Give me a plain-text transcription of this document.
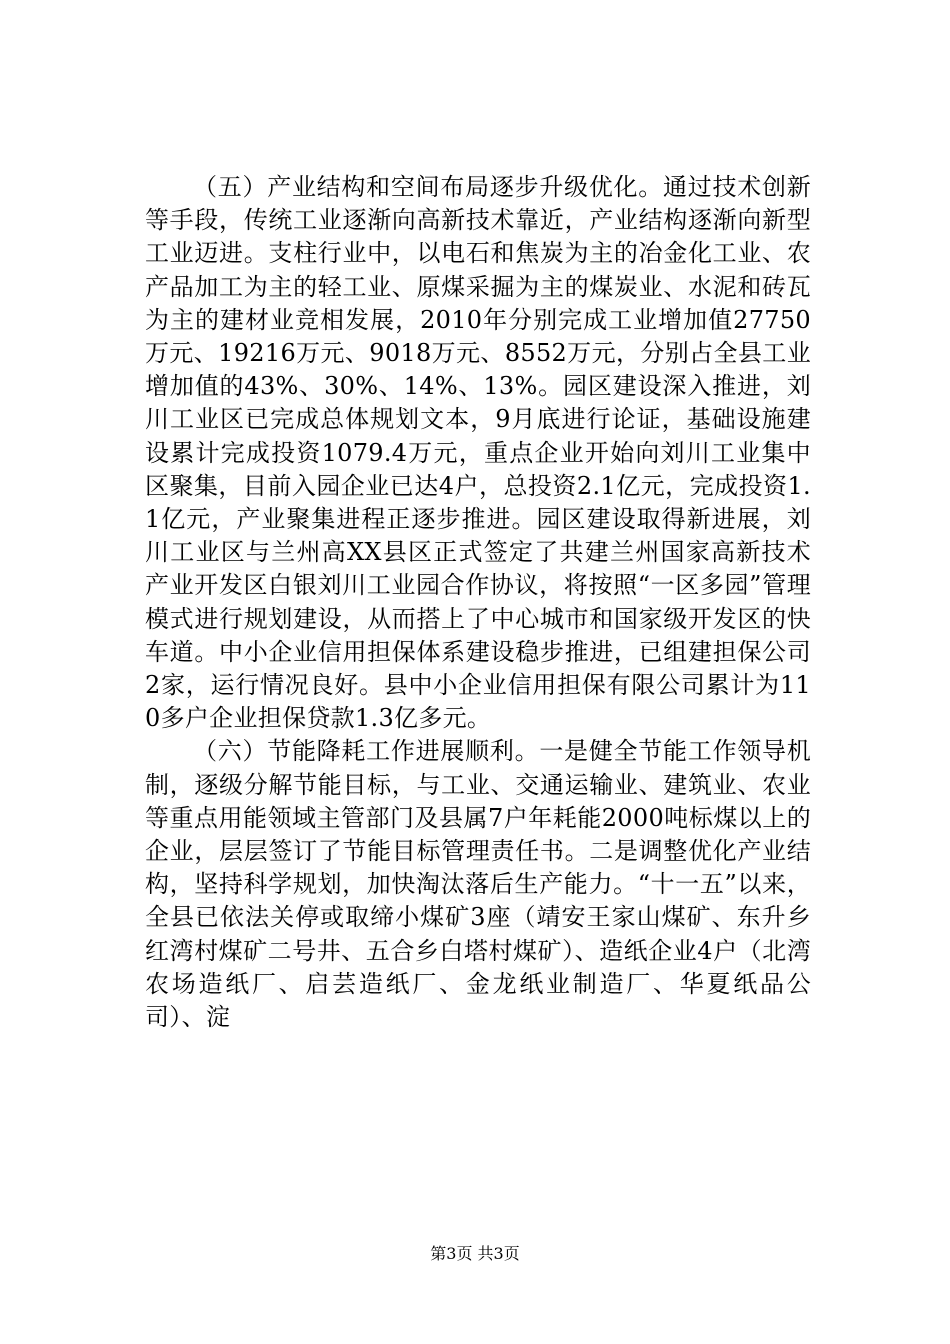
（五）产业结构和空间布局逐步升级优化。通过技术创新等手段，传统工业逐渐向高新技术靠近，产业结构逐渐向新型工业迈进。支柱行业中，以电石和焦炭为主的冶金化工业、农产品加工为主的轻工业、原煤采掘为主的煤炭业、水泥和砖瓦为主的建材业竞相发展，2010年分别完成工业增加值27750万元、19216万元、9018万元、8552万元，分别占全县工业增加值的43%、30%、14%、13%。园区建设深入推进，刘川工业区已完成总体规划文本，9月底进行论证，基础设施建设累计完成投资1079.4万元，重点企业开始向刘川工业集中区聚集，目前入园企业已达4户，总投资2.1亿元，完成投资1.1亿元，产业聚集进程正逐步推进。园区建设取得新进展，刘川工业区与兰州高XX县区正式签定了共建兰州国家高新技术产业开发区白银刘川工业园合作协议，将按照“一区多园”管理模式进行规划建设，从而搭上了中心城市和国家级开发区的快车道。中小企业信用担保体系建设稳步推进，已组建担保公司2家，运行情况良好。县中小企业信用担保有限公司累计为110多户企业担保贷款1.3亿多元。

（六）节能降耗工作进展顺利。一是健全节能工作领导机制，逐级分解节能目标，与工业、交通运输业、建筑业、农业等重点用能领域主管部门及县属7户年耗能2000吨标煤以上的企业，层层签订了节能目标管理责任书。二是调整优化产业结构，坚持科学规划，加快淘汰落后生产能力。“十一五”以来，全县已依法关停或取缔小煤矿3座（靖安王家山煤矿、东升乡红湾村煤矿二号井、五合乡白塔村煤矿）、造纸企业4户（北湾农场造纸厂、启芸造纸厂、金龙纸业制造厂、华夏纸品公司）、淀

第3页 共3页
